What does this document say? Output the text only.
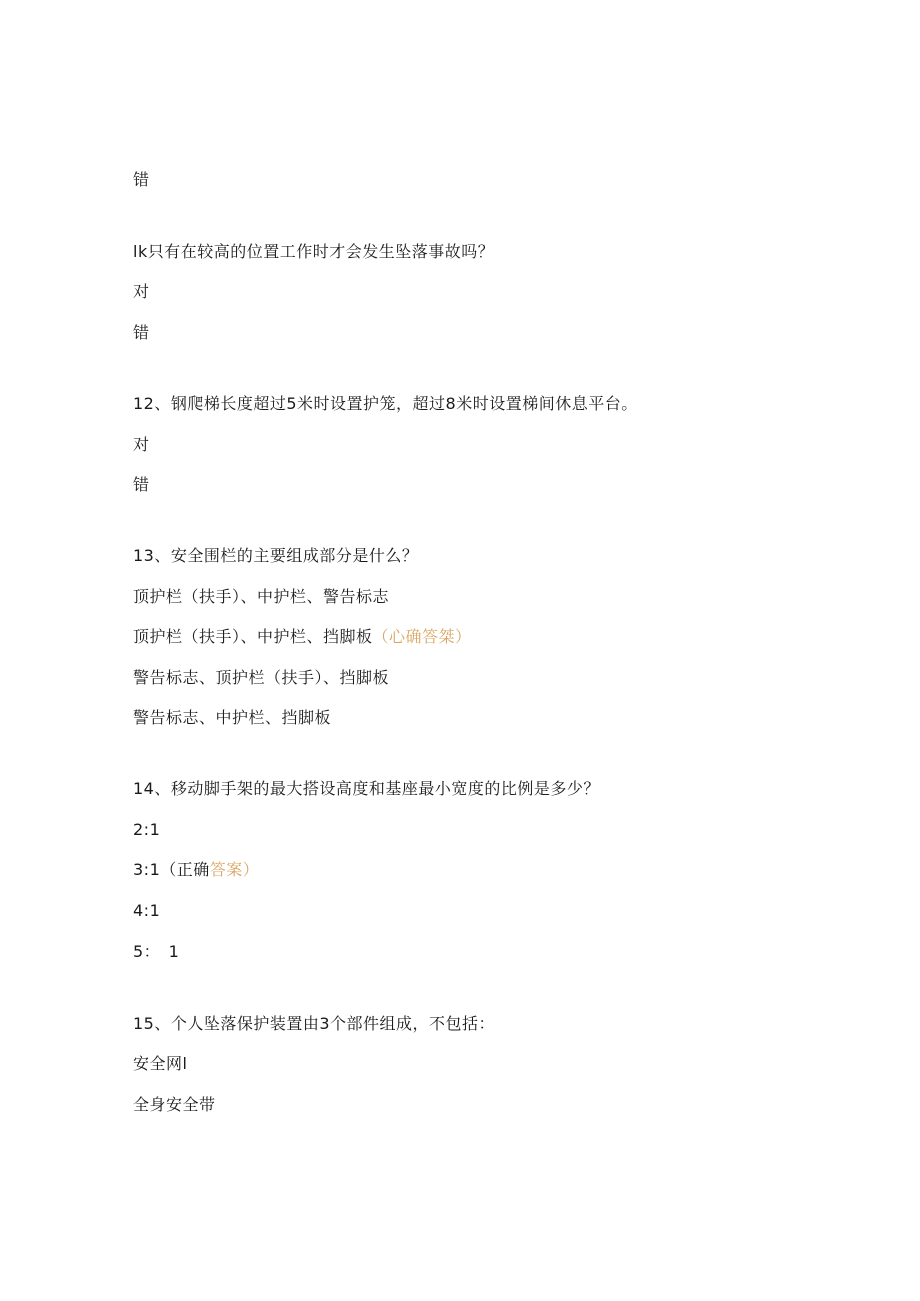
错
lk只有在较高的位置工作时才会发生坠落事故吗？
对
错
12、钢爬梯长度超过5米时设置护笼，超过8米时设置梯间休息平台。
对
错
13、安全围栏的主要组成部分是什么？
顶护栏（扶手）、中护栏、警告标志
顶护栏（扶手）、中护栏、挡脚板（心确答桀）
警告标志、顶护栏（扶手）、挡脚板
警告标志、中护栏、挡脚板
14、移动脚手架的最大搭设高度和基座最小宽度的比例是多少？
2:1
3:1（正确答案）
4:1
5：　1
15、个人坠落保护装置由3个部件组成，不包括：
安全网l
全身安全带
